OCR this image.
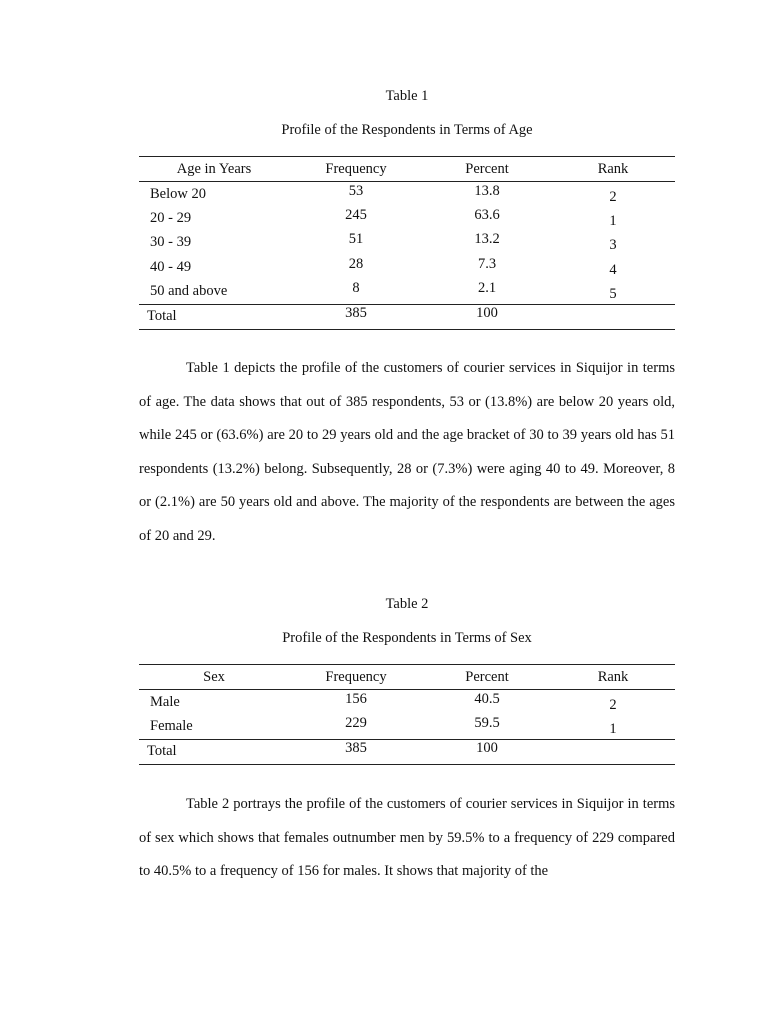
Table 1
Profile of the Respondents in Terms of Age
Age in Years	Frequency	Percent	Rank
Below 20	53	13.8	2
20 - 29	245	63.6	1
30 - 39	51	13.2	3
40 - 49	28	7.3	4
50 and above	8	2.1	5
Total	385	100	

Table 1 depicts the profile of the customers of courier services in Siquijor in terms of age. The data shows that out of 385 respondents, 53 or (13.8%) are below 20 years old, while 245 or (63.6%) are 20 to 29 years old and the age bracket of 30 to 39 years old has 51 respondents (13.2%) belong. Subsequently, 28 or (7.3%) were aging 40 to 49. Moreover, 8 or (2.1%) are 50 years old and above. The majority of the respondents are between the ages of 20 and 29.

Table 2
Profile of the Respondents in Terms of Sex
Sex	Frequency	Percent	Rank
Male	156	40.5	2
Female	229	59.5	1
Total	385	100	

Table 2 portrays the profile of the customers of courier services in Siquijor in terms of sex which shows that females outnumber men by 59.5% to a frequency of 229 compared to 40.5% to a frequency of 156 for males. It shows that majority of the
